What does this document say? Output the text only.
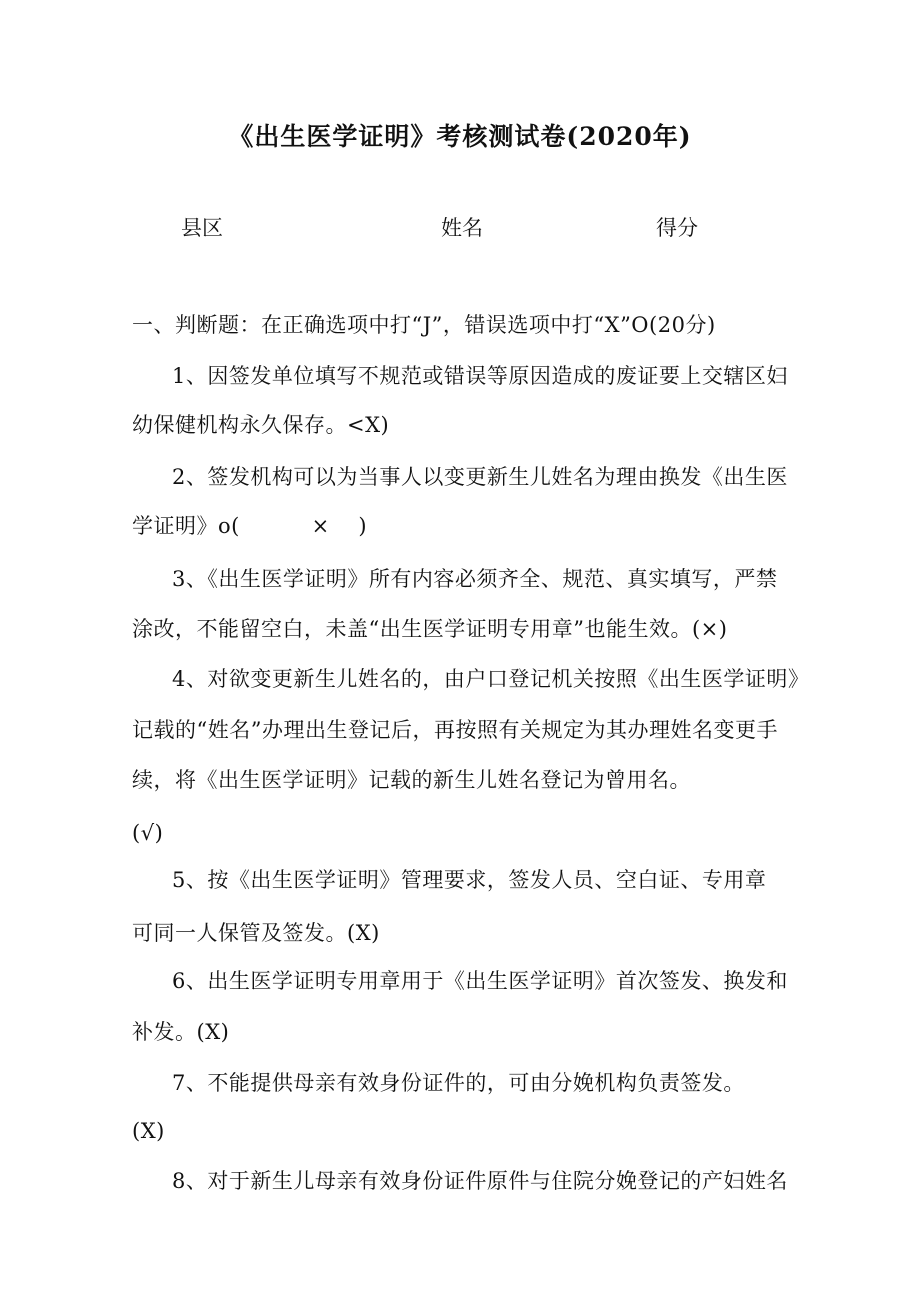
《出生医学证明》考核测试卷(2020年)
县区	姓名	得分

一、判断题：在正确选项中打“J”，错误选项中打“X”O(20分)

1、因签发单位填写不规范或错误等原因造成的废证要上交辖区妇

幼保健机构永久保存。<X)

2、签发机构可以为当事人以变更新生儿姓名为理由换发《出生医

学证明》o(          ×    )

3、《出生医学证明》所有内容必须齐全、规范、真实填写，严禁

涂改，不能留空白，未盖“出生医学证明专用章”也能生效。(×)

4、对欲变更新生儿姓名的，由户口登记机关按照《出生医学证明》

记载的“姓名”办理出生登记后，再按照有关规定为其办理姓名变更手

续，将《出生医学证明》记载的新生儿姓名登记为曾用名。

(√)

5、按《出生医学证明》管理要求，签发人员、空白证、专用章

可同一人保管及签发。(X)

6、出生医学证明专用章用于《出生医学证明》首次签发、换发和

补发。(X)

7、不能提供母亲有效身份证件的，可由分娩机构负责签发。

(X)

8、对于新生儿母亲有效身份证件原件与住院分娩登记的产妇姓名
